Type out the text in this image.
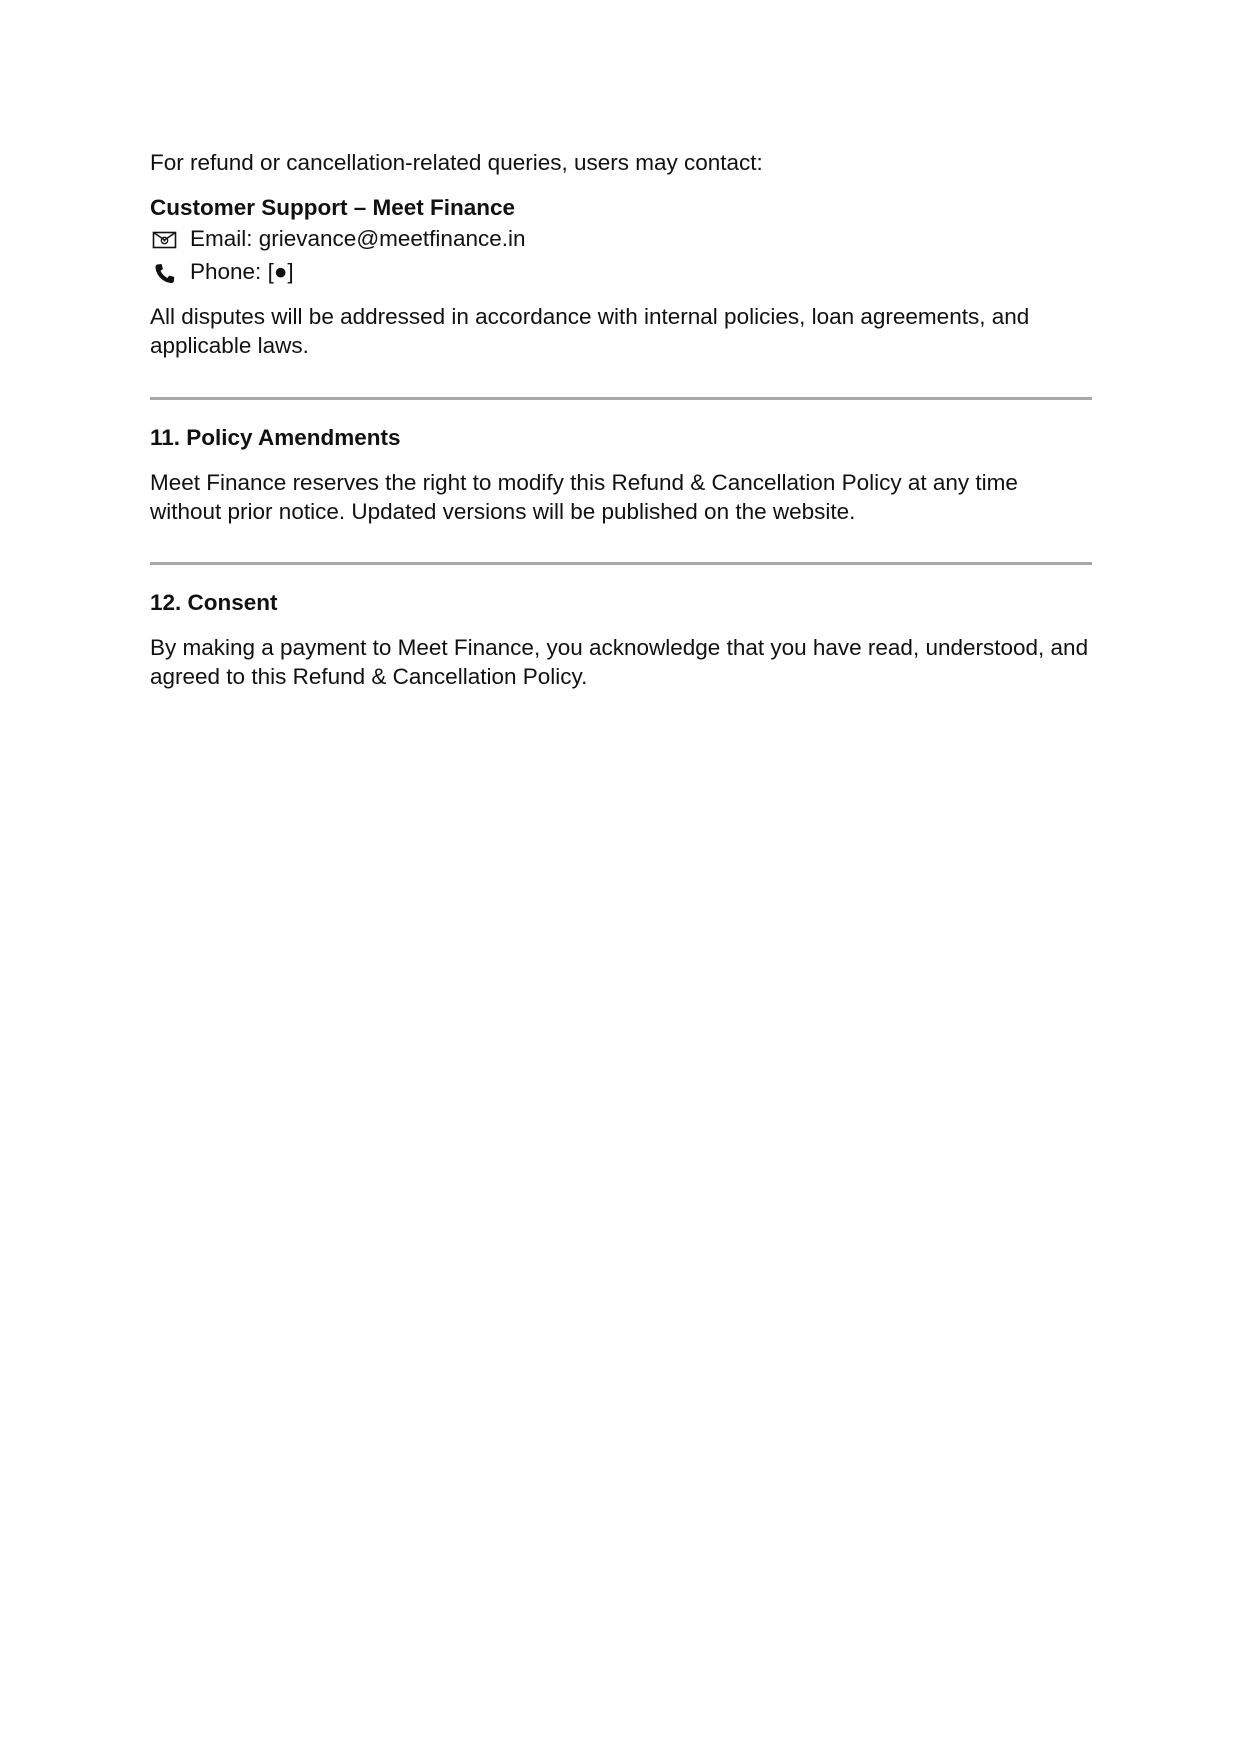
For refund or cancellation-related queries, users may contact:

Customer Support – Meet Finance

Email: grievance@meetfinance.in
Phone: [●]

All disputes will be addressed in accordance with internal policies, loan agreements, and applicable laws.

11. Policy Amendments

Meet Finance reserves the right to modify this Refund & Cancellation Policy at any time without prior notice. Updated versions will be published on the website.

12. Consent

By making a payment to Meet Finance, you acknowledge that you have read, understood, and agreed to this Refund & Cancellation Policy.
